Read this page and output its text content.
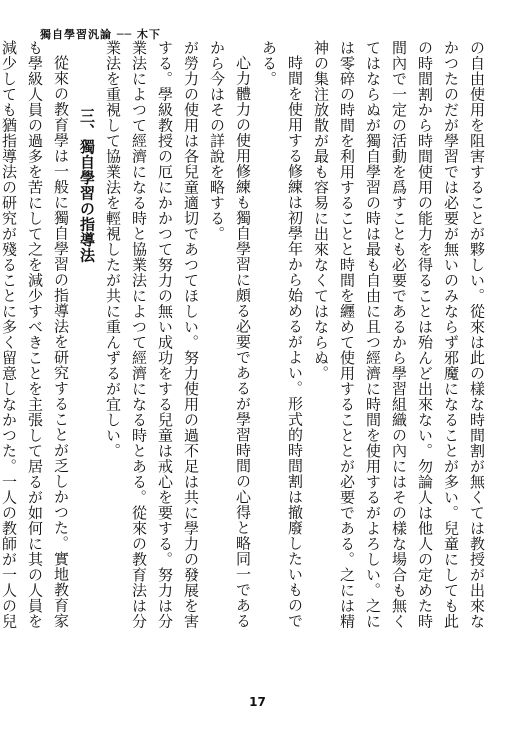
獨自學習汎論 ── 木下

の自由使用を阻害することが夥しい。從來は此の樣な時間割が無くては教授が出來なかつたのだが學習では必要が無いのみならず邪魔になることが多い。兒童にしても此の時間割から時間使用の能力を得ることは殆んど出來ない。勿論人は他人の定めた時間內で一定の活動を爲すことも必要であるから學習組織の內にはその樣な場合も無くてはならぬが獨自學習の時は最も自由に且つ經濟に時間を使用するがよろしい。之には零碎の時間を利用することと時間を纒めて使用することとが必要である。之には精神の集注放散が最も容易に出來なくてはならぬ。

時間を使用する修練は初學年から始めるがよい。形式的時間割は撤廢したいものである。

心力體力の使用修練も獨自學習に頗る必要であるが學習時間の心得と略同一であるから今はその詳說を略する。

が勞力の使用は各兒童適切であつてほしい。努力使用の過不足は共に學力の發展を害する。學級教授の厄にかかつて努力の無い成功をする兒童は戒心を要する。努力は分業法によつて經濟になる時と協業法によつて經濟になる時とある。從來の教育法は分業法を重視して協業法を輕視したが共に重んずるが宜しい。

三、獨自學習の指導法

從來の教育學は一般に獨自學習の指導法を研究することが乏しかつた。實地教育家も學級人員の過多を苦にして之を減少すべきことを主張して居るが如何に其の人員を減少しても猶指導法の研究が殘ることに多く留意しなかつた。一人の教師が一人の兒

17
